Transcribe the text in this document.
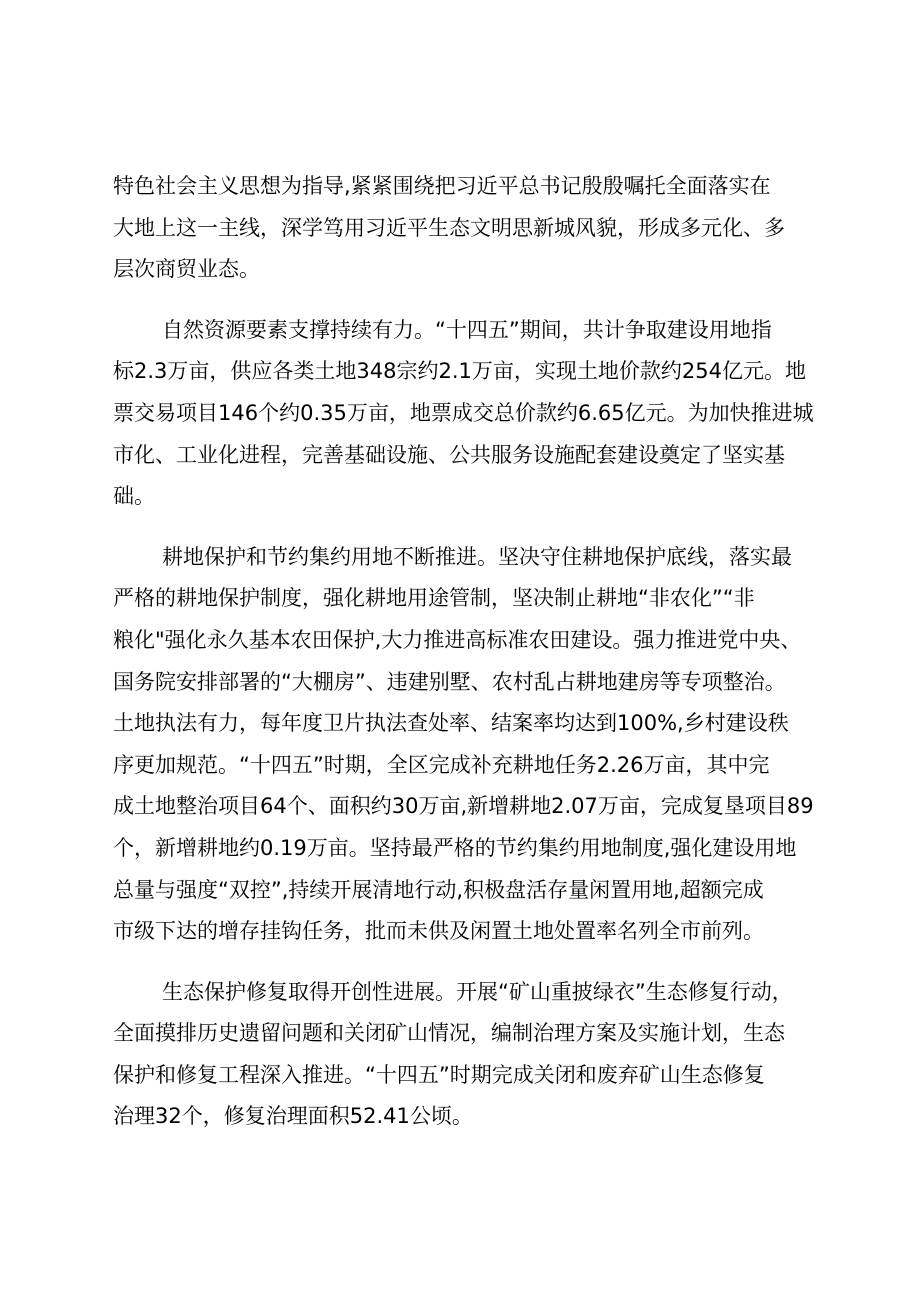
特色社会主义思想为指导,紧紧围绕把习近平总书记殷殷嘱托全面落实在
大地上这一主线，深学笃用习近平生态文明思新城风貌，形成多元化、多
层次商贸业态。
自然资源要素支撑持续有力。“十四五”期间，共计争取建设用地指
标2.3万亩，供应各类土地348宗约2.1万亩，实现土地价款约254亿元。地
票交易项目146个约0.35万亩，地票成交总价款约6.65亿元。为加快推进城
市化、工业化进程，完善基础设施、公共服务设施配套建设奠定了坚实基
础。
耕地保护和节约集约用地不断推进。坚决守住耕地保护底线，落实最
严格的耕地保护制度，强化耕地用途管制，坚决制止耕地“非农化”“非
粮化"强化永久基本农田保护,大力推进高标准农田建设。强力推进党中央、
国务院安排部署的“大棚房”、违建别墅、农村乱占耕地建房等专项整治。
土地执法有力，每年度卫片执法查处率、结案率均达到100%,乡村建设秩
序更加规范。“十四五”时期，全区完成补充耕地任务2.26万亩，其中完
成土地整治项目64个、面积约30万亩,新增耕地2.07万亩，完成复垦项目89
个，新增耕地约0.19万亩。坚持最严格的节约集约用地制度,强化建设用地
总量与强度“双控”,持续开展清地行动,积极盘活存量闲置用地,超额完成
市级下达的增存挂钩任务，批而未供及闲置土地处置率名列全市前列。
生态保护修复取得开创性进展。开展“矿山重披绿衣”生态修复行动，
全面摸排历史遗留问题和关闭矿山情况，编制治理方案及实施计划，生态
保护和修复工程深入推进。“十四五”时期完成关闭和废弃矿山生态修复
治理32个，修复治理面积52.41公顷。
